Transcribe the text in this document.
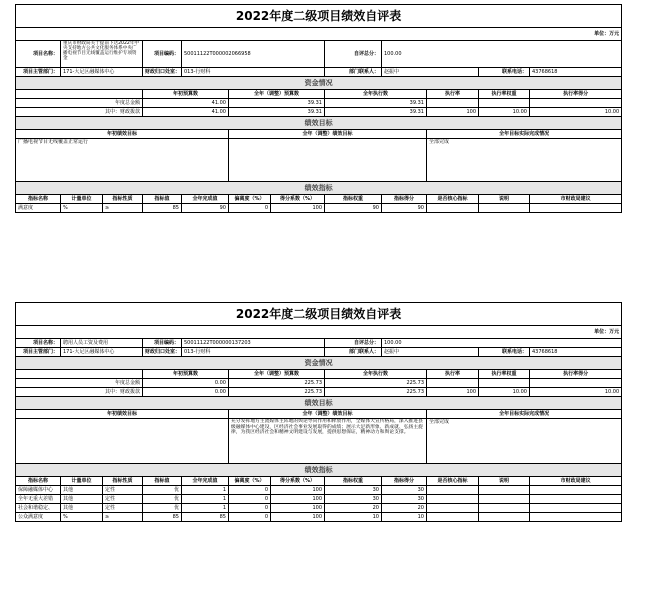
2022年度二级项目绩效自评表											
单位：万元											
项目名称：	重庆市财政局关于提前下达2022年中央支持地方公共文化服务体系中央广播电视节目无线覆盖运行维护专项资金		项目编码：	50011122T000002066958			自评总分：	100.00			
项目主管部门：	171-大足区融媒体中心		财政归口处室：	013-行财科			部门联系人：	赵振中		联系电话：	43768618
资金情况											
			年初预算数		全年（调整）预算数		全年执行数		执行率	执行率权重	执行率得分
年度总金额			41.00		39.31		39.31				
其中：财政拨款			41.00		39.31		39.31		100	10.00	10.00
绩效目标											
年初绩效目标					全年（调整）绩效目标				全年目标实际完成情况		
广播电视节目无线覆盖正常运行									全部完成		
绩效指标											
指标名称	计量单位	指标性质	指标值	全年完成值	偏离度（%）	得分系数（%）	指标权重	指标得分	是否核心指标	说明	市财政局建议
满意度	%	≥	85	90	0	100	90	90			
2022年度二级项目绩效自评表											
单位：万元											
项目名称：	聘用人员工资及费用		项目编码：	50011122T000000137203			自评总分：	100.00			
项目主管部门：	171-大足区融媒体中心		财政归口处室：	013-行财科			部门联系人：	赵振中		联系电话：	43768618
资金情况											
			年初预算数		全年（调整）预算数		全年执行数		执行率	执行率权重	执行率得分
年度总金额			0.00		225.73		225.73				
其中：财政拨款			0.00		225.73		225.73		100	10.00	10.00
绩效目标											
年初绩效目标					全年（调整）绩效目标				全年目标实际完成情况		
					充分发挥地方主流媒体主阵地的舆论导向作用和释放作用，全媒体大宣传格局，深入推进县级融媒体中心建设，区经济社会事业发展取得的成绩；展示大足新形象、新成就、弘扬主旋律，为我区经济社会和精神文明建设与发展，提供思想保证，精神动力和舆论支撑。				全部完成		
绩效指标											
指标名称	计量单位	指标性质	指标值	全年完成值	偏离度（%）	得分系数（%）	指标权重	指标得分	是否核心指标	说明	市财政局建议
保障融媒体中心	其他	定性	优	1	0	100	30	30			
全年无重大差错	其他	定性	优	1	0	100	30	30			
社会和谐稳定、	其他	定性	优	1	0	100	20	20			
公众满意度	%	≥	85	85	0	100	10	10			
